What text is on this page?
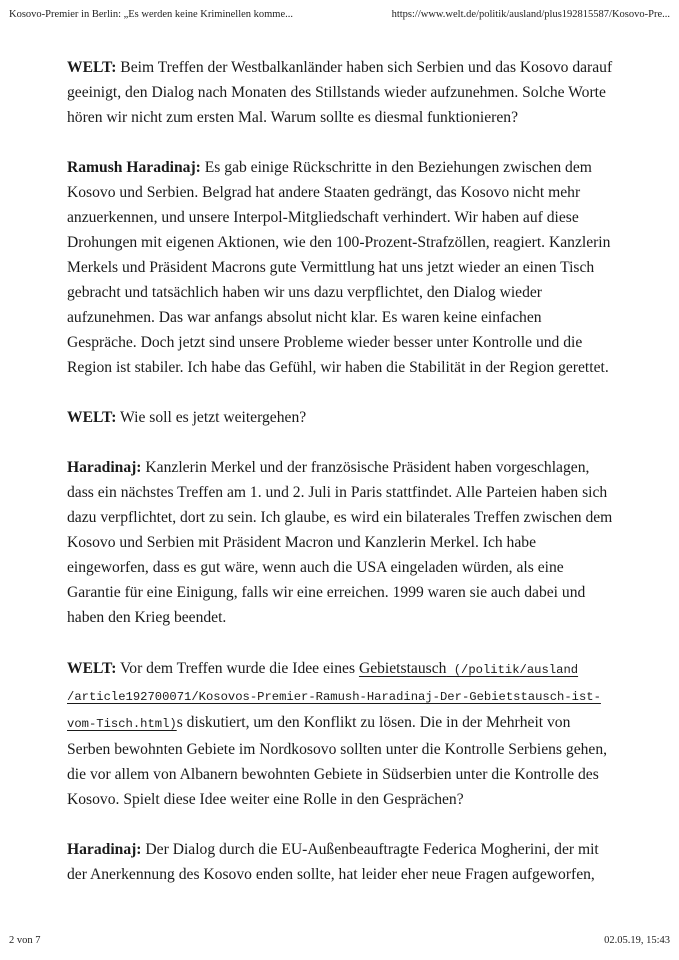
Kosovo-Premier in Berlin: „Es werden keine Kriminellen komme...	https://www.welt.de/politik/ausland/plus192815587/Kosovo-Pre...

WELT: Beim Treffen der Westbalkanländer haben sich Serbien und das Kosovo darauf geeinigt, den Dialog nach Monaten des Stillstands wieder aufzunehmen. Solche Worte hören wir nicht zum ersten Mal. Warum sollte es diesmal funktionieren?

Ramush Haradinaj: Es gab einige Rückschritte in den Beziehungen zwischen dem Kosovo und Serbien. Belgrad hat andere Staaten gedrängt, das Kosovo nicht mehr anzuerkennen, und unsere Interpol-Mitgliedschaft verhindert. Wir haben auf diese Drohungen mit eigenen Aktionen, wie den 100-Prozent-Strafzöllen, reagiert. Kanzlerin Merkels und Präsident Macrons gute Vermittlung hat uns jetzt wieder an einen Tisch gebracht und tatsächlich haben wir uns dazu verpflichtet, den Dialog wieder aufzunehmen. Das war anfangs absolut nicht klar. Es waren keine einfachen Gespräche. Doch jetzt sind unsere Probleme wieder besser unter Kontrolle und die Region ist stabiler. Ich habe das Gefühl, wir haben die Stabilität in der Region gerettet.

WELT: Wie soll es jetzt weitergehen?

Haradinaj: Kanzlerin Merkel und der französische Präsident haben vorgeschlagen, dass ein nächstes Treffen am 1. und 2. Juli in Paris stattfindet. Alle Parteien haben sich dazu verpflichtet, dort zu sein. Ich glaube, es wird ein bilaterales Treffen zwischen dem Kosovo und Serbien mit Präsident Macron und Kanzlerin Merkel. Ich habe eingeworfen, dass es gut wäre, wenn auch die USA eingeladen würden, als eine Garantie für eine Einigung, falls wir eine erreichen. 1999 waren sie auch dabei und haben den Krieg beendet.

WELT: Vor dem Treffen wurde die Idee eines Gebietstausch (/politik/ausland /article192700071/Kosovos-Premier-Ramush-Haradinaj-Der-Gebietstausch-ist- vom-Tisch.html)s diskutiert, um den Konflikt zu lösen. Die in der Mehrheit von Serben bewohnten Gebiete im Nordkosovo sollten unter die Kontrolle Serbiens gehen, die vor allem von Albanern bewohnten Gebiete in Südserbien unter die Kontrolle des Kosovo. Spielt diese Idee weiter eine Rolle in den Gesprächen?

Haradinaj: Der Dialog durch die EU-Außenbeauftragte Federica Mogherini, der mit der Anerkennung des Kosovo enden sollte, hat leider eher neue Fragen aufgeworfen,

2 von 7	02.05.19, 15:43
